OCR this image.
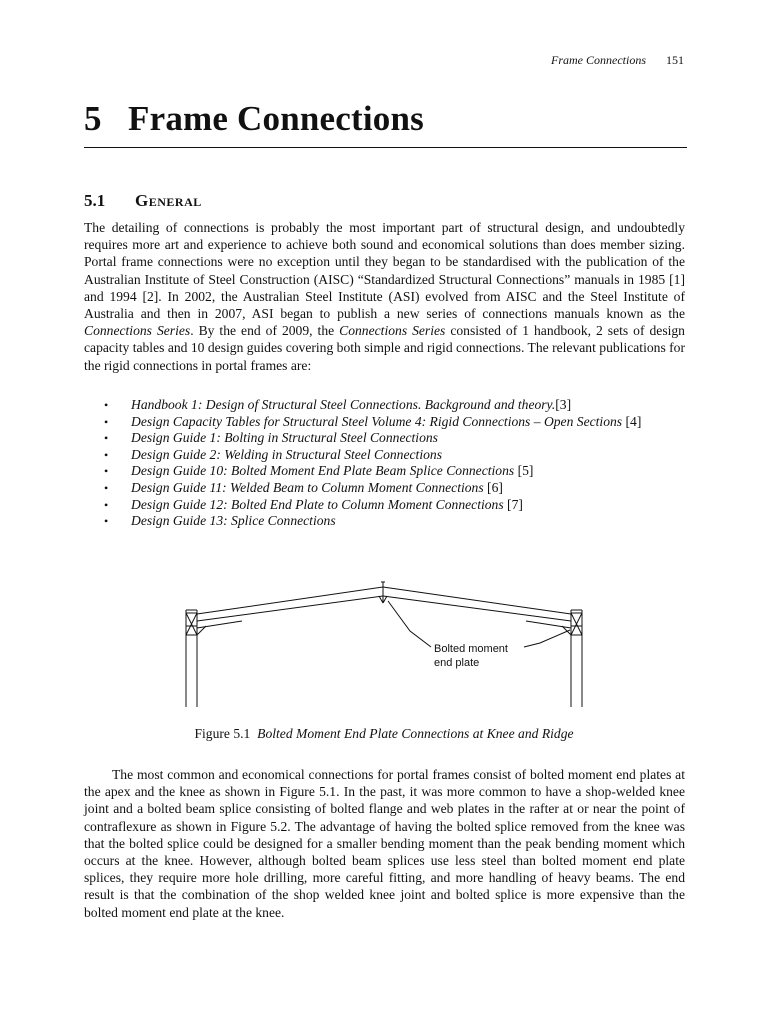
Frame Connections 151
5 Frame Connections
5.1 General

The detailing of connections is probably the most important part of structural design, and undoubtedly requires more art and experience to achieve both sound and economical solutions than does member sizing. Portal frame connections were no exception until they began to be standardised with the publication of the Australian Institute of Steel Construction (AISC) “Standardized Structural Connections” manuals in 1985 [1] and 1994 [2]. In 2002, the Australian Steel Institute (ASI) evolved from AISC and the Steel Institute of Australia and then in 2007, ASI began to publish a new series of connections manuals known as the Connections Series. By the end of 2009, the Connections Series consisted of 1 handbook, 2 sets of design capacity tables and 10 design guides covering both simple and rigid connections. The relevant publications for the rigid connections in portal frames are:

• Handbook 1: Design of Structural Steel Connections. Background and theory.[3]
• Design Capacity Tables for Structural Steel Volume 4: Rigid Connections – Open Sections [4]
• Design Guide 1: Bolting in Structural Steel Connections
• Design Guide 2: Welding in Structural Steel Connections
• Design Guide 10: Bolted Moment End Plate Beam Splice Connections [5]
• Design Guide 11: Welded Beam to Column Moment Connections [6]
• Design Guide 12: Bolted End Plate to Column Moment Connections [7]
• Design Guide 13: Splice Connections
Bolted moment
end plate
Figure 5.1 Bolted Moment End Plate Connections at Knee and Ridge

The most common and economical connections for portal frames consist of bolted moment end plates at the apex and the knee as shown in Figure 5.1. In the past, it was more common to have a shop-welded knee joint and a bolted beam splice consisting of bolted flange and web plates in the rafter at or near the point of contraflexure as shown in Figure 5.2. The advantage of having the bolted splice removed from the knee was that the bolted splice could be designed for a smaller bending moment than the peak bending moment which occurs at the knee. However, although bolted beam splices use less steel than bolted moment end plate splices, they require more hole drilling, more careful fitting, and more handling of heavy beams. The end result is that the combination of the shop welded knee joint and bolted splice is more expensive than the bolted moment end plate at the knee.
